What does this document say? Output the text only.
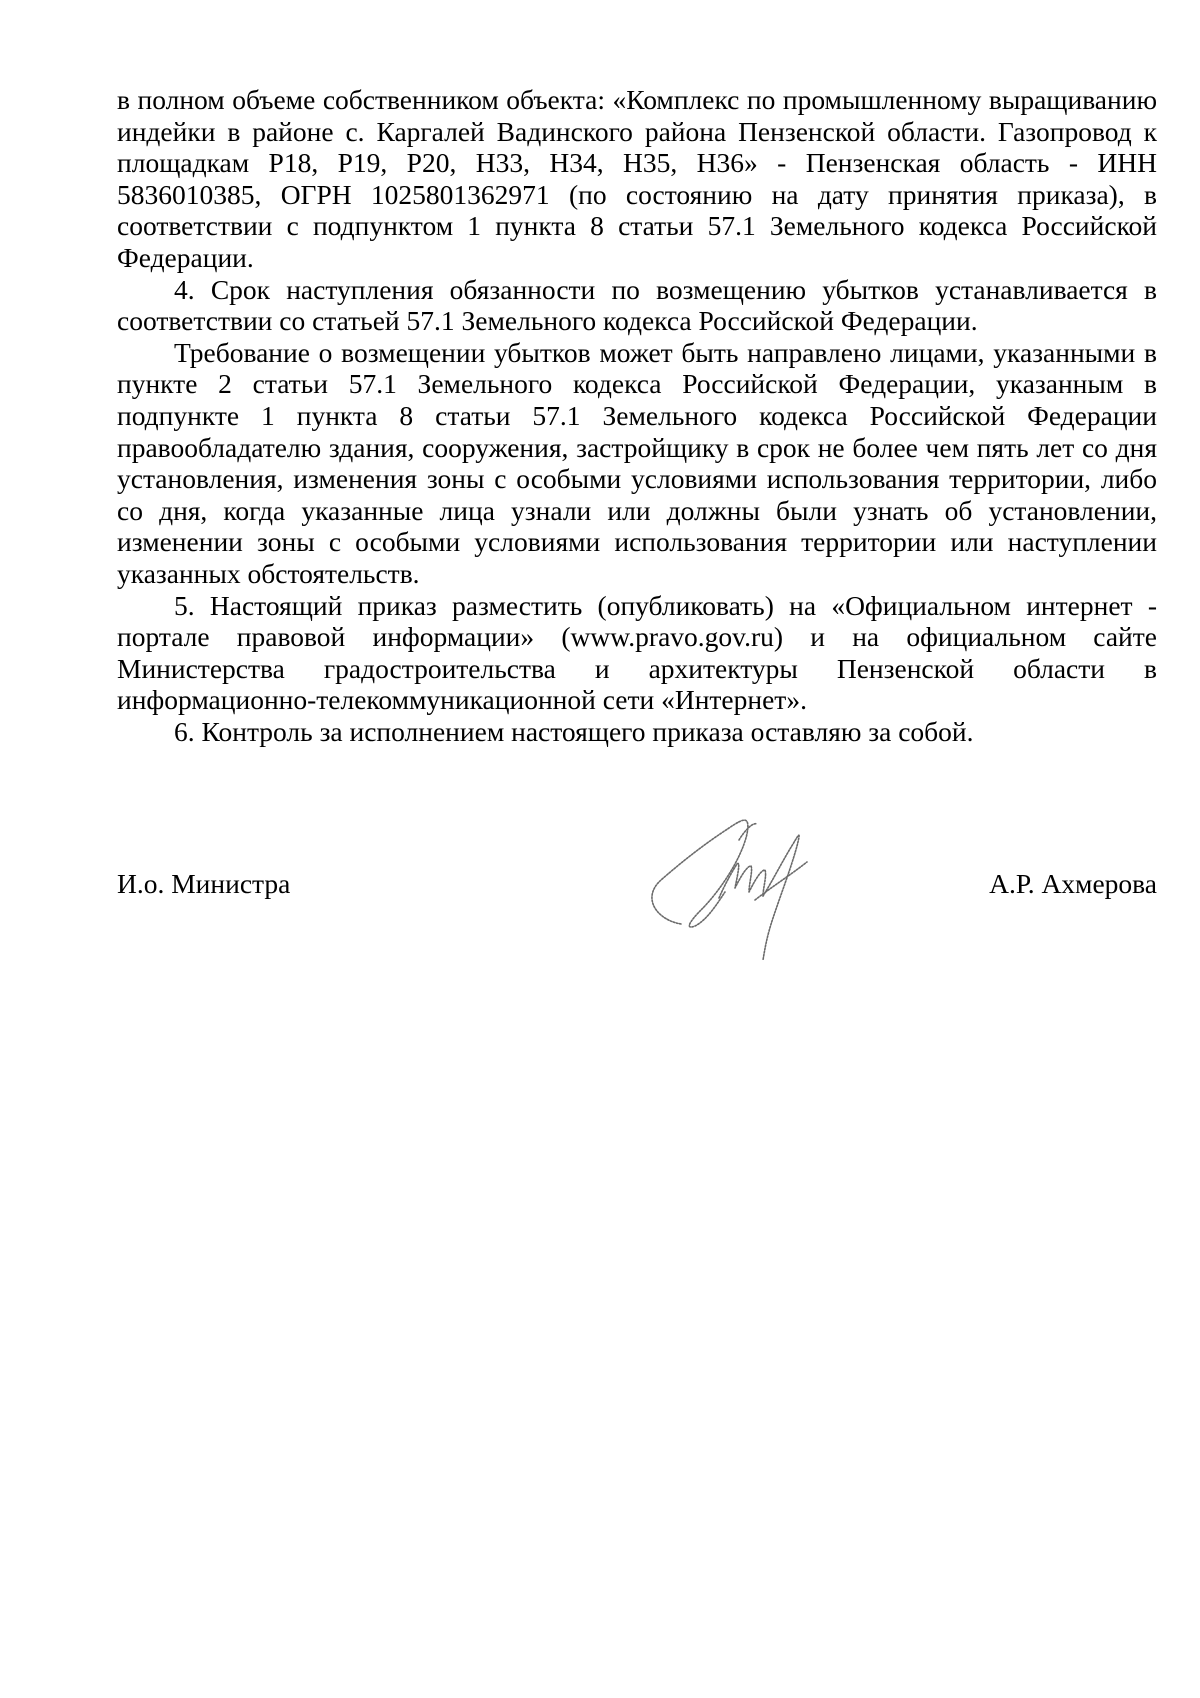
в полном объеме собственником объекта: «Комплекс по промышленному выращиванию индейки в районе с. Каргалей Вадинского района Пензенской области. Газопровод к площадкам Р18, Р19, Р20, Н33, Н34, Н35, Н36» - Пензенская область - ИНН 5836010385, ОГРН 1025801362971 (по состоянию на дату принятия приказа), в соответствии с подпунктом 1 пункта 8 статьи 57.1 Земельного кодекса Российской Федерации.

4. Срок наступления обязанности по возмещению убытков устанавливается в соответствии со статьей 57.1 Земельного кодекса Российской Федерации.

Требование о возмещении убытков может быть направлено лицами, указанными в пункте 2 статьи 57.1 Земельного кодекса Российской Федерации, указанным в подпункте 1 пункта 8 статьи 57.1 Земельного кодекса Российской Федерации правообладателю здания, сооружения, застройщику в срок не более чем пять лет со дня установления, изменения зоны с особыми условиями использования территории, либо со дня, когда указанные лица узнали или должны были узнать об установлении, изменении зоны с особыми условиями использования территории или наступлении указанных обстоятельств.

5. Настоящий приказ разместить (опубликовать) на «Официальном интернет - портале правовой информации» (www.pravo.gov.ru) и на официальном сайте Министерства градостроительства и архитектуры Пензенской области в информационно-телекоммуникационной сети «Интернет».

6. Контроль за исполнением настоящего приказа оставляю за собой.

И.о. Министра	А.Р. Ахмерова
